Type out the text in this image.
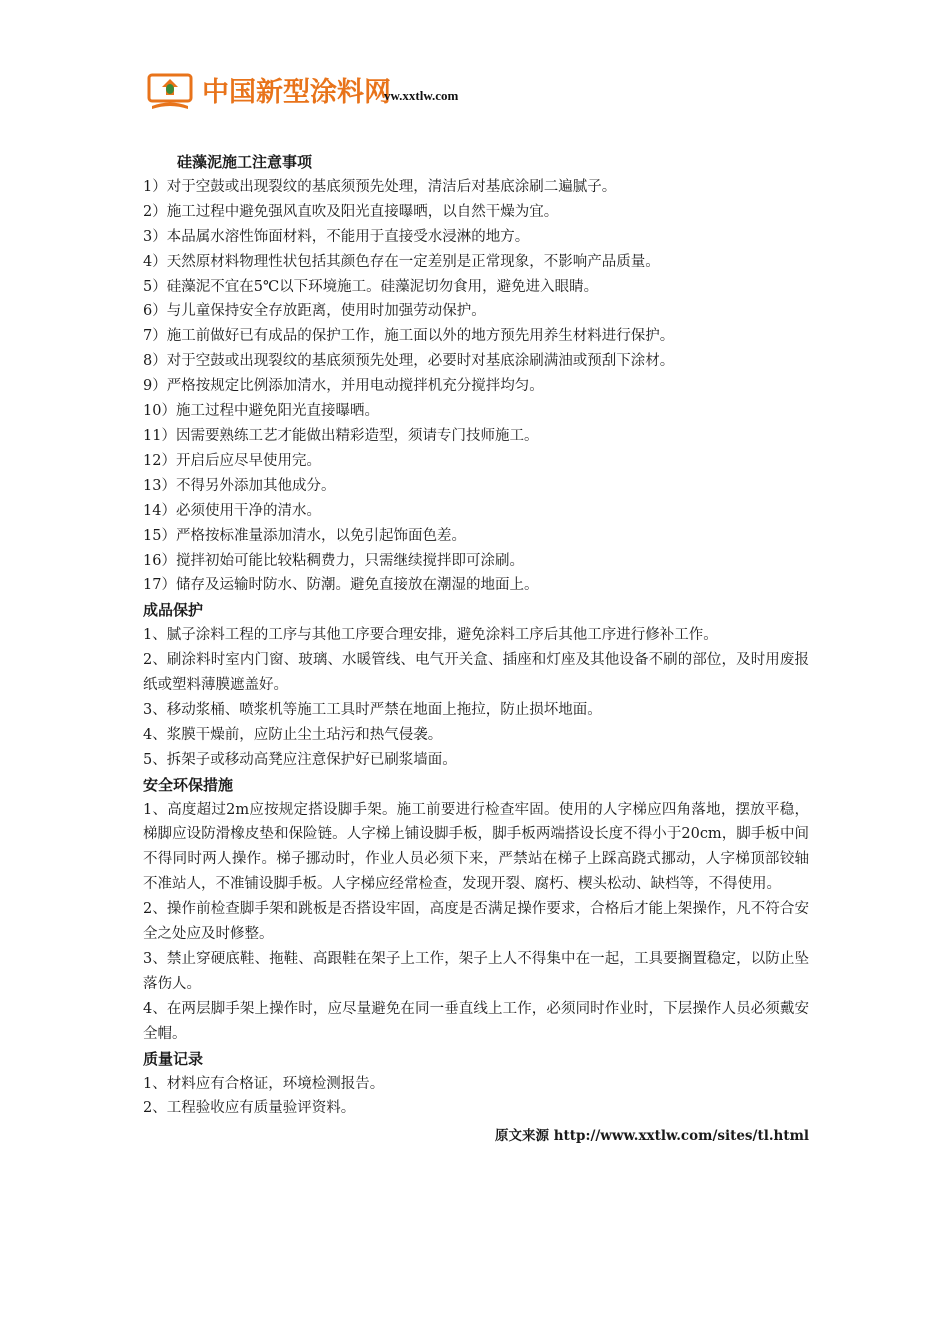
中国新型涂料网
vw.xxtlw.com

硅藻泥施工注意事项

1）对于空鼓或出现裂纹的基底须预先处理，清洁后对基底涂刷二遍腻子。

2）施工过程中避免强风直吹及阳光直接曝晒，以自然干燥为宜。

3）本品属水溶性饰面材料，不能用于直接受水浸淋的地方。

4）天然原材料物理性状包括其颜色存在一定差别是正常现象，不影响产品质量。

5）硅藻泥不宜在5℃以下环境施工。硅藻泥切勿食用，避免进入眼睛。

6）与儿童保持安全存放距离，使用时加强劳动保护。

7）施工前做好已有成品的保护工作，施工面以外的地方预先用养生材料进行保护。

8）对于空鼓或出现裂纹的基底须预先处理，必要时对基底涂刷满油或预刮下涂材。

9）严格按规定比例添加清水，并用电动搅拌机充分搅拌均匀。

10）施工过程中避免阳光直接曝晒。

11）因需要熟练工艺才能做出精彩造型，须请专门技师施工。

12）开启后应尽早使用完。

13）不得另外添加其他成分。

14）必须使用干净的清水。

15）严格按标准量添加清水，以免引起饰面色差。

16）搅拌初始可能比较粘稠费力，只需继续搅拌即可涂刷。

17）储存及运输时防水、防潮。避免直接放在潮湿的地面上。

成品保护

1、腻子涂料工程的工序与其他工序要合理安排，避免涂料工序后其他工序进行修补工作。

2、刷涂料时室内门窗、玻璃、水暖管线、电气开关盒、插座和灯座及其他设备不刷的部位，及时用废报纸或塑料薄膜遮盖好。

3、移动浆桶、喷浆机等施工工具时严禁在地面上拖拉，防止损坏地面。

4、浆膜干燥前，应防止尘土玷污和热气侵袭。

5、拆架子或移动高凳应注意保护好已刷浆墙面。

安全环保措施

1、高度超过2m应按规定搭设脚手架。施工前要进行检查牢固。使用的人字梯应四角落地，摆放平稳，梯脚应设防滑橡皮垫和保险链。人字梯上铺设脚手板，脚手板两端搭设长度不得小于20cm，脚手板中间不得同时两人操作。梯子挪动时，作业人员必须下来，严禁站在梯子上踩高跷式挪动，人字梯顶部铰轴不准站人，不准铺设脚手板。人字梯应经常检查，发现开裂、腐朽、楔头松动、缺档等，不得使用。

2、操作前检查脚手架和跳板是否搭设牢固，高度是否满足操作要求，合格后才能上架操作，凡不符合安全之处应及时修整。

3、禁止穿硬底鞋、拖鞋、高跟鞋在架子上工作，架子上人不得集中在一起，工具要搁置稳定，以防止坠落伤人。

4、在两层脚手架上操作时，应尽量避免在同一垂直线上工作，必须同时作业时，下层操作人员必须戴安全帽。

质量记录

1、材料应有合格证，环境检测报告。

2、工程验收应有质量验评资料。

原文来源 http://www.xxtlw.com/sites/tl.html
